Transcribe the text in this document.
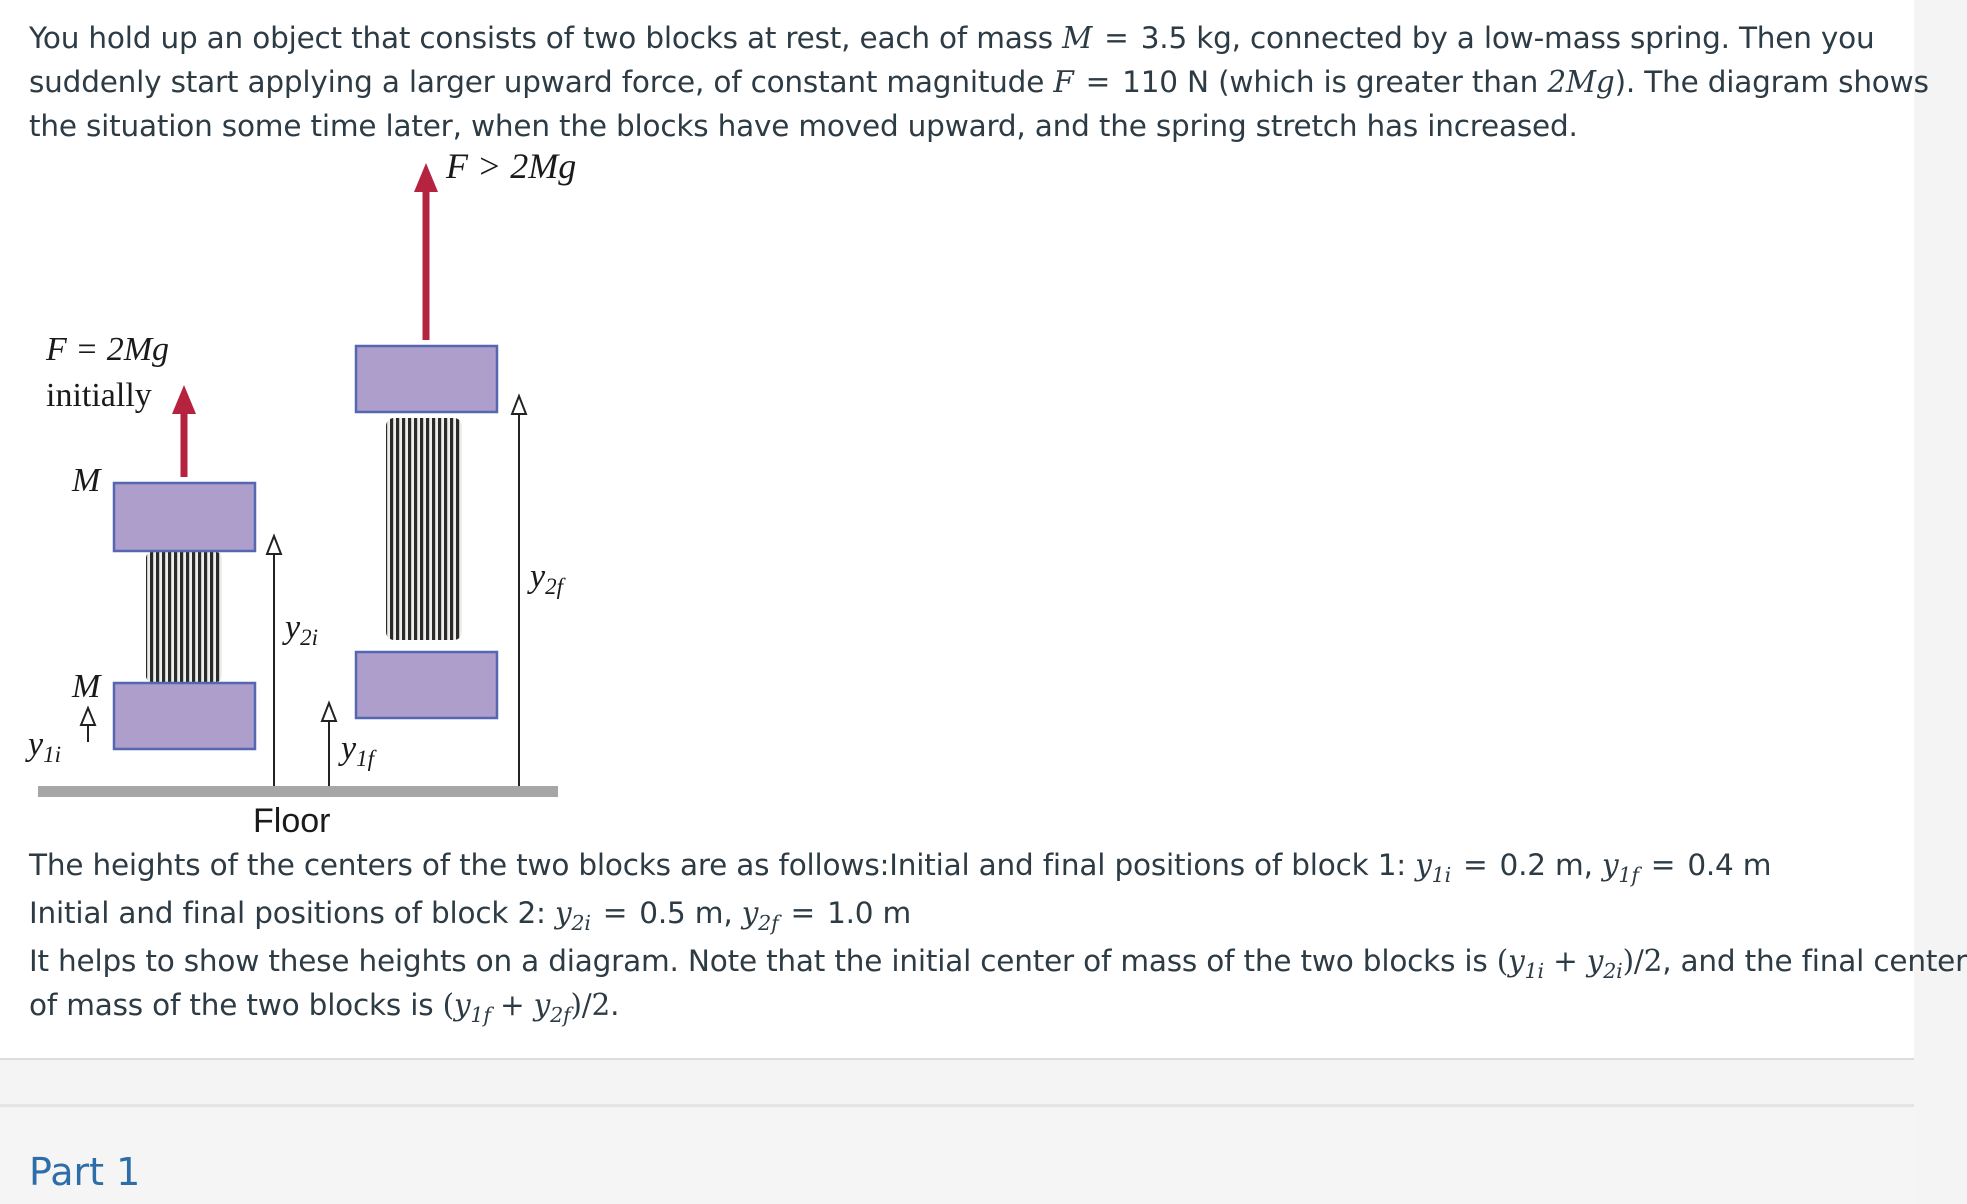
You hold up an object that consists of two blocks at rest, each of mass M = 3.5 kg, connected by a low-mass spring. Then you

suddenly start applying a larger upward force, of constant magnitude F = 110 N (which is greater than 2Mg). The diagram shows

the situation some time later, when the blocks have moved upward, and the spring stretch has increased.

Floor
F = 2Mg
initially
M
M
$y_{1i}$
$y_{2i}$
$y_{1f}$
F > 2Mg
$y_{2f}$

The heights of the centers of the two blocks are as follows:Initial and final positions of block 1: $y_{1i} = 0.2$ m, $y_{1f} = 0.4$ m

Initial and final positions of block 2: $y_{2i} = 0.5$ m, $y_{2f} = 1.0$ m

It helps to show these heights on a diagram. Note that the initial center of mass of the two blocks is $(y_{1i} + y_{2i})/2$, and the final center

of mass of the two blocks is $(y_{1f} + y_{2f})/2$.

Part 1
